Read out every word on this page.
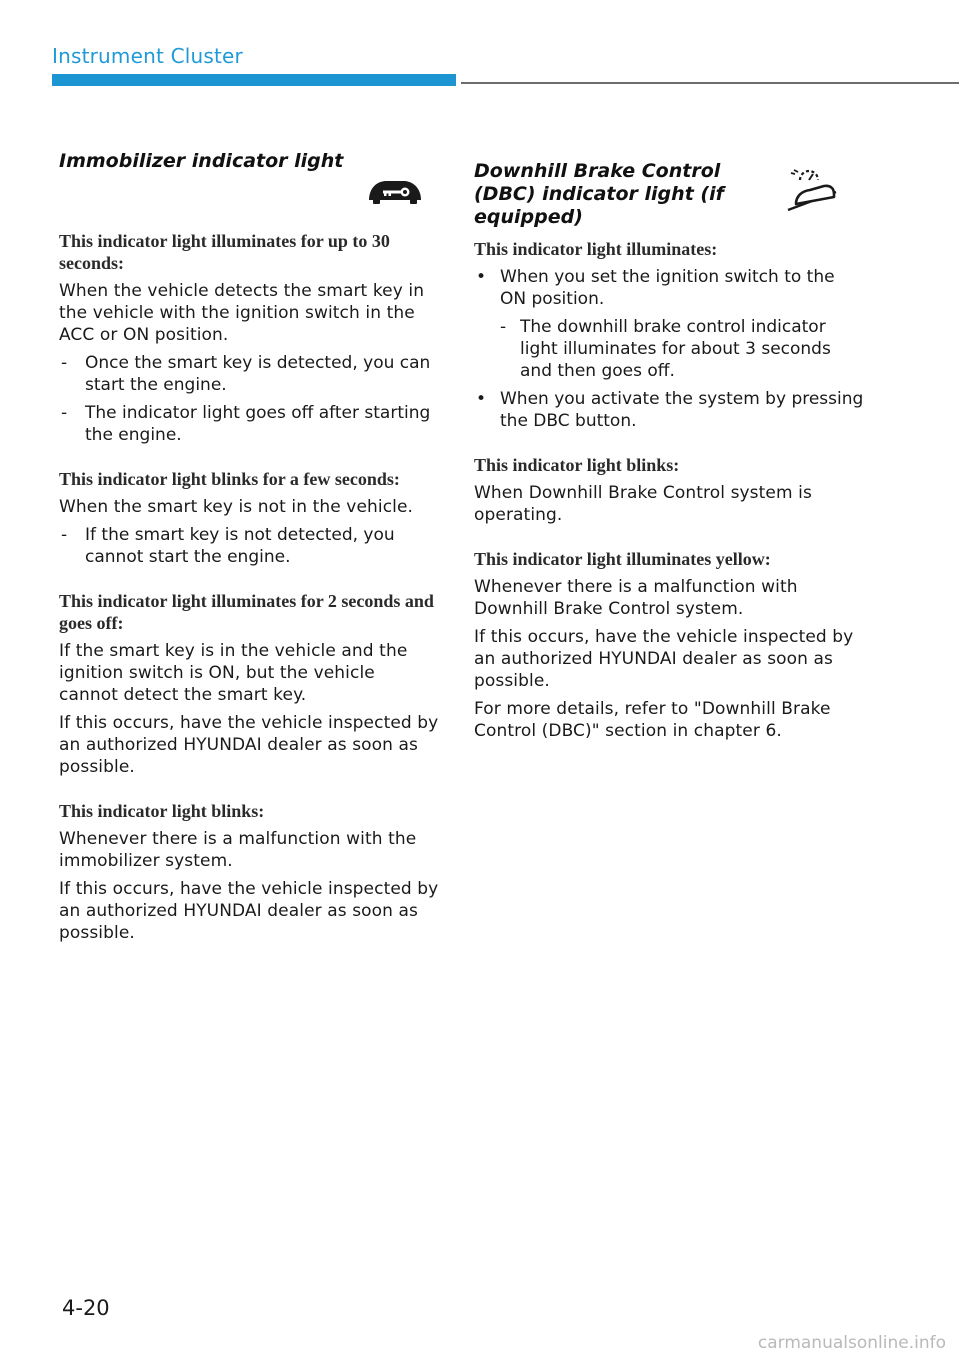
Instrument Cluster
Immobilizer indicator light
This indicator light illuminates for up to 30 seconds:

When the vehicle detects the smart key in the vehicle with the ignition switch in the ACC or ON position.

- Once the smart key is detected, you can start the engine.
- The indicator light goes off after starting the engine.
This indicator light blinks for a few seconds:

When the smart key is not in the vehicle.

- If the smart key is not detected, you cannot start the engine.
This indicator light illuminates for 2 seconds and goes off:

If the smart key is in the vehicle and the ignition switch is ON, but the vehicle cannot detect the smart key.

If this occurs, have the vehicle inspected by an authorized HYUNDAI dealer as soon as possible.

This indicator light blinks:

Whenever there is a malfunction with the immobilizer system.

If this occurs, have the vehicle inspected by an authorized HYUNDAI dealer as soon as possible.

Downhill Brake Control (DBC) indicator light (if equipped)
This indicator light illuminates:
• When you set the ignition switch to the ON position.
- The downhill brake control indicator light illuminates for about 3 seconds and then goes off.
• When you activate the system by pressing the DBC button.
This indicator light blinks:

When Downhill Brake Control system is operating.

This indicator light illuminates yellow:

Whenever there is a malfunction with Downhill Brake Control system.

If this occurs, have the vehicle inspected by an authorized HYUNDAI dealer as soon as possible.

For more details, refer to "Downhill Brake Control (DBC)" section in chapter 6.

4-20
carmanualsonline.info
